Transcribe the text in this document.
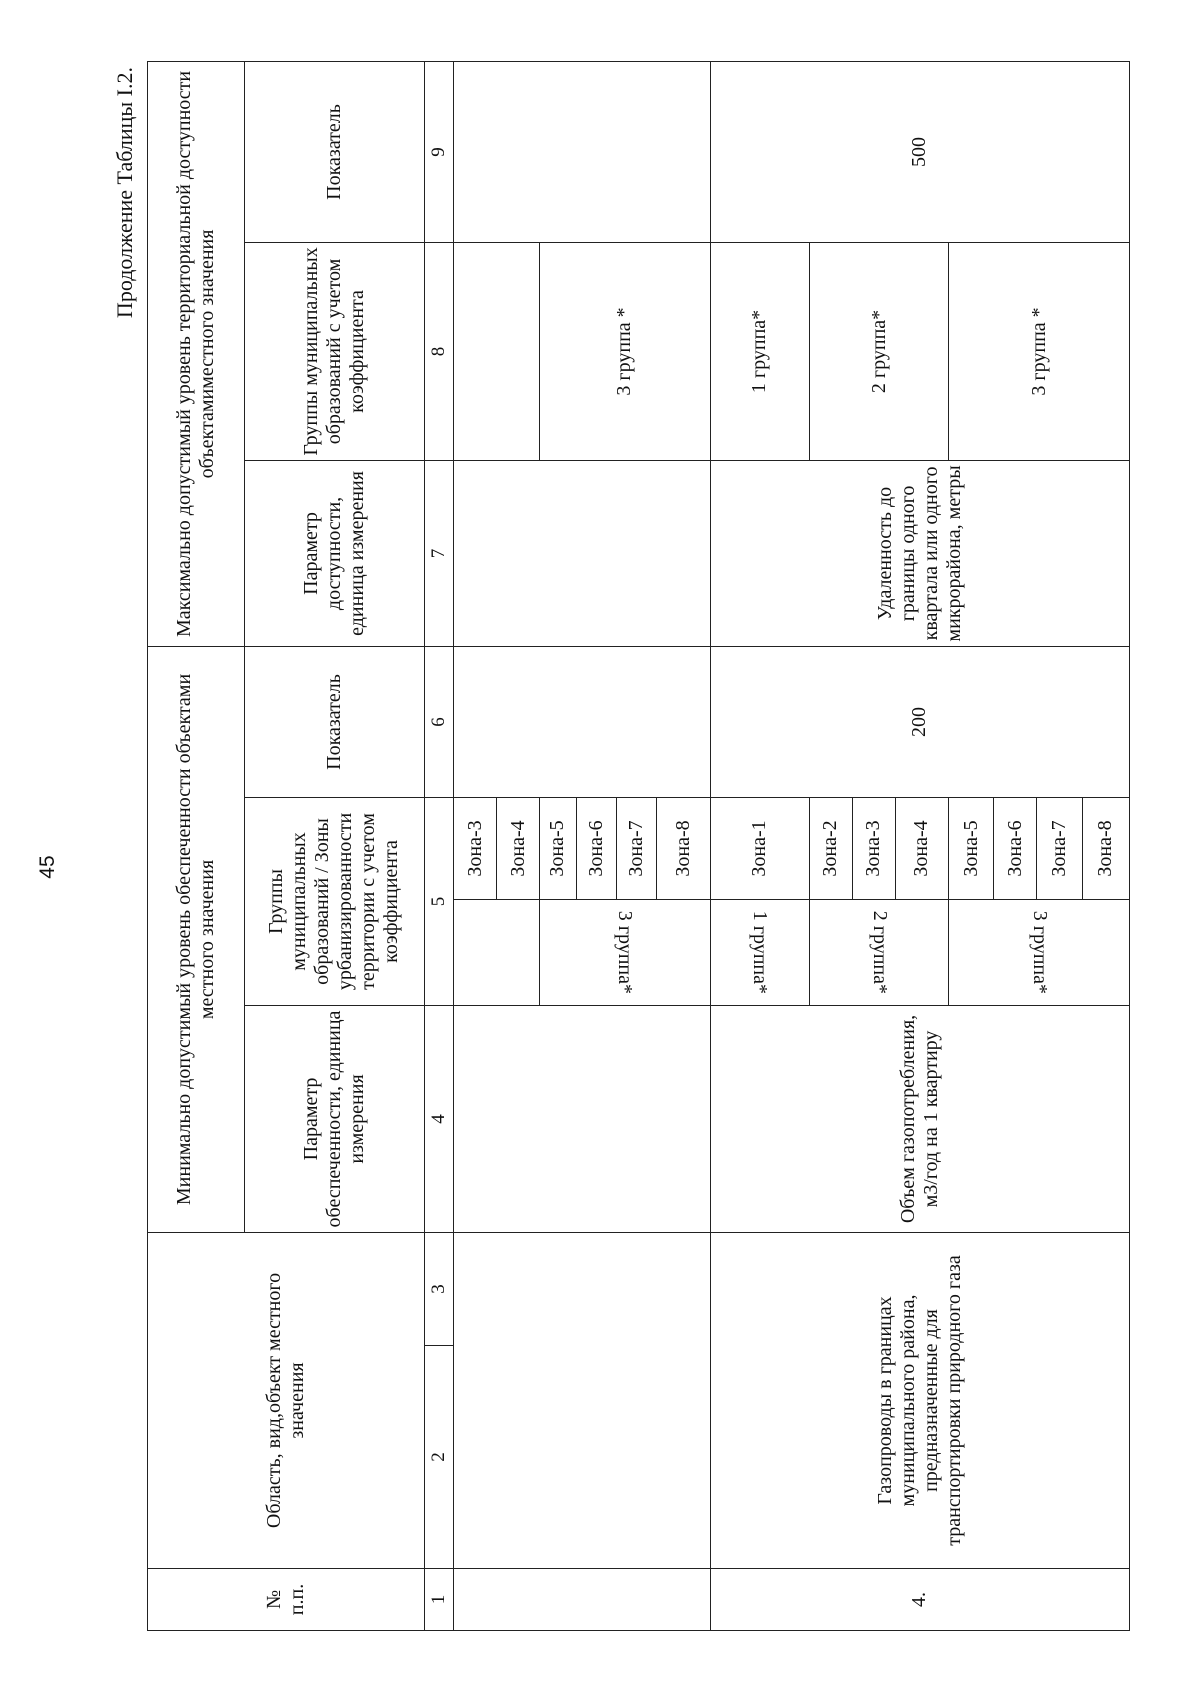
45
Продолжение Таблицы I.2.
№ п.п.	Область, вид,объект местного значения		Минимально допустимый уровень обеспеченности объектами местного значения				Максимально допустимый уровень территориальной доступности объектамиместного значения		
			Параметр обеспеченности, единица измерения	Группы муниципальных образований / Зоны урбанизированности территории с учетом коэффициента		Показатель	Параметр доступности, единица измерения	Группы муниципальных образований с учетом коэффициента	Показатель
1	2	3	4	5		6	7	8	9
					Зона-3				
					Зона-4				
				3 группа*	Зона-5			3 группа *	
					Зона-6				
					Зона-7				
					Зона-8				
4.	Газопроводы в границах муниципального района, предназначенные для транспортировки природного газа		Объем газопотребления, м3/год на 1 квартиру	1 группа*	Зона-1	200	Удаленность до границы одного квартала или одного микрорайона, метры	1 группа*	500
				2 группа*	Зона-2			2 группа*	
					Зона-3				
					Зона-4				
				3 группа*	Зона-5			3 группа *	
					Зона-6				
					Зона-7				
					Зона-8				
